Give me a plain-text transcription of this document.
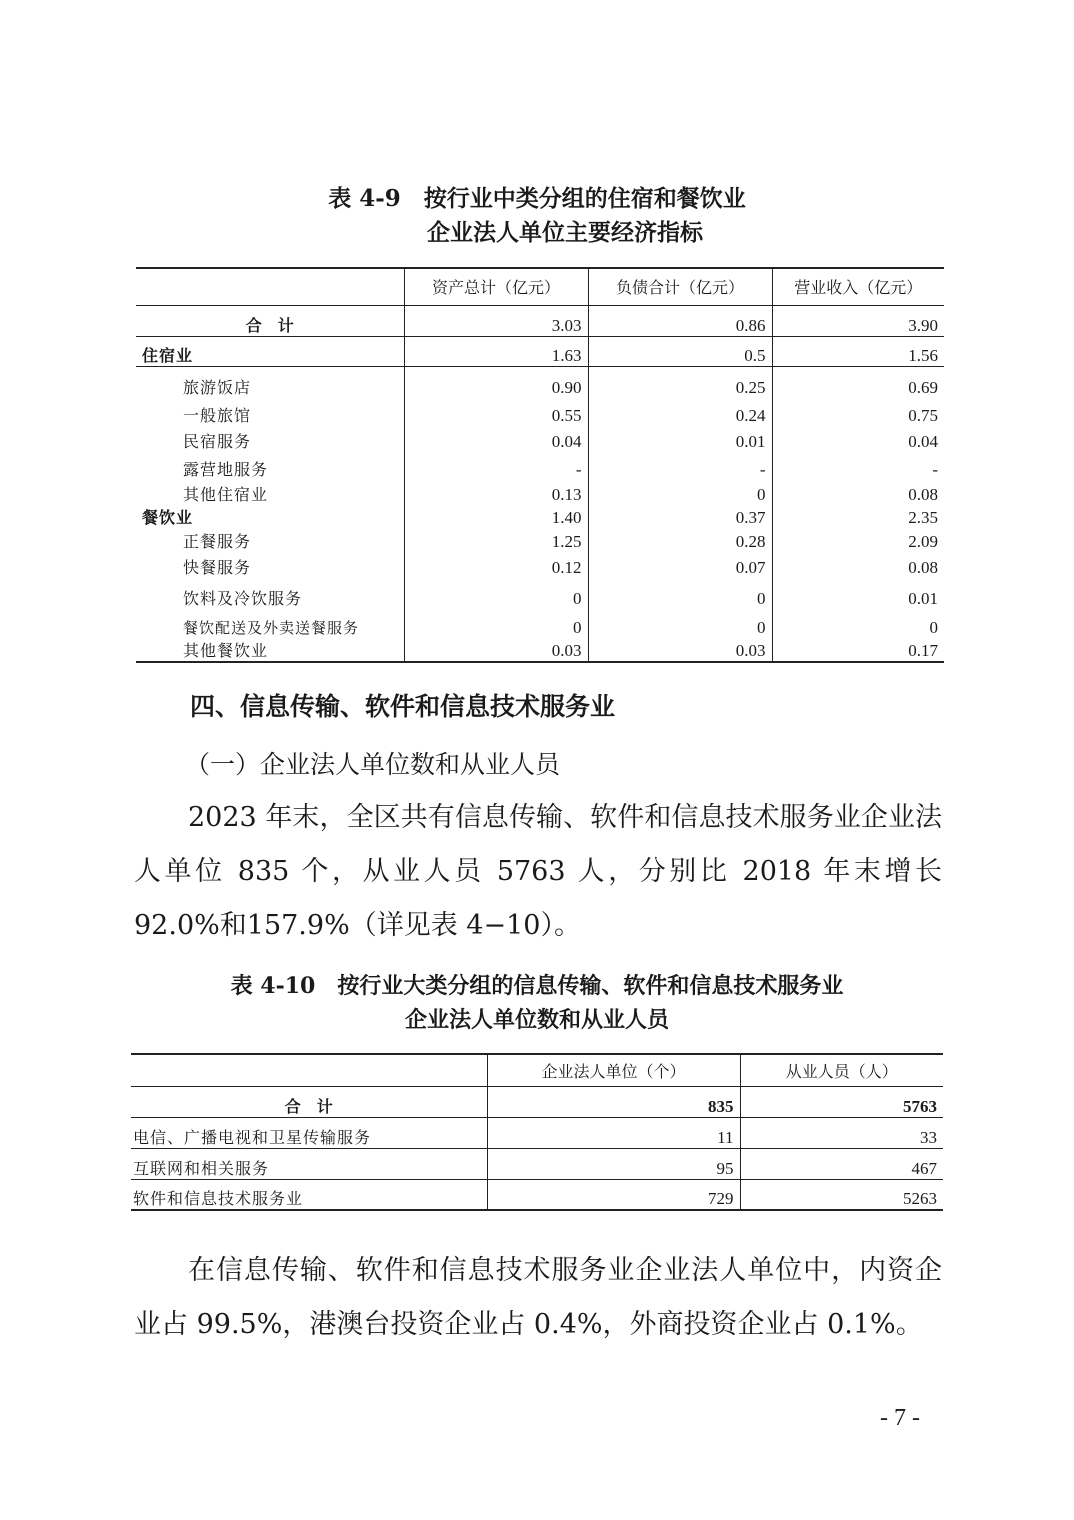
表 4-9　按行业中类分组的住宿和餐饮业
企业法人单位主要经济指标
	资产总计（亿元）	负债合计（亿元）	营业收入（亿元）
合　计	3.03	0.86	3.90
住宿业	1.63	0.5	1.56
旅游饭店	0.90	0.25	0.69
一般旅馆	0.55	0.24	0.75
民宿服务	0.04	0.01	0.04
露营地服务	-	-	-
其他住宿业	0.13	0	0.08
餐饮业	1.40	0.37	2.35
正餐服务	1.25	0.28	2.09
快餐服务	0.12	0.07	0.08
饮料及冷饮服务	0	0	0.01
餐饮配送及外卖送餐服务	0	0	0
其他餐饮业	0.03	0.03	0.17
四、信息传输、软件和信息技术服务业
（一）企业法人单位数和从业人员
2023 年末，全区共有信息传输、软件和信息技术服务业企业法人单位 835 个，从业人员 5763 人，分别比 2018 年末增长 92.0%和157.9%（详见表 4−10）。
表 4-10　按行业大类分组的信息传输、软件和信息技术服务业
企业法人单位数和从业人员
	企业法人单位（个）	从业人员（人）
合　计	835	5763
电信、广播电视和卫星传输服务	11	33
互联网和相关服务	95	467
软件和信息技术服务业	729	5263
在信息传输、软件和信息技术服务业企业法人单位中，内资企业占 99.5%，港澳台投资企业占 0.4%，外商投资企业占 0.1%。
- 7 -
